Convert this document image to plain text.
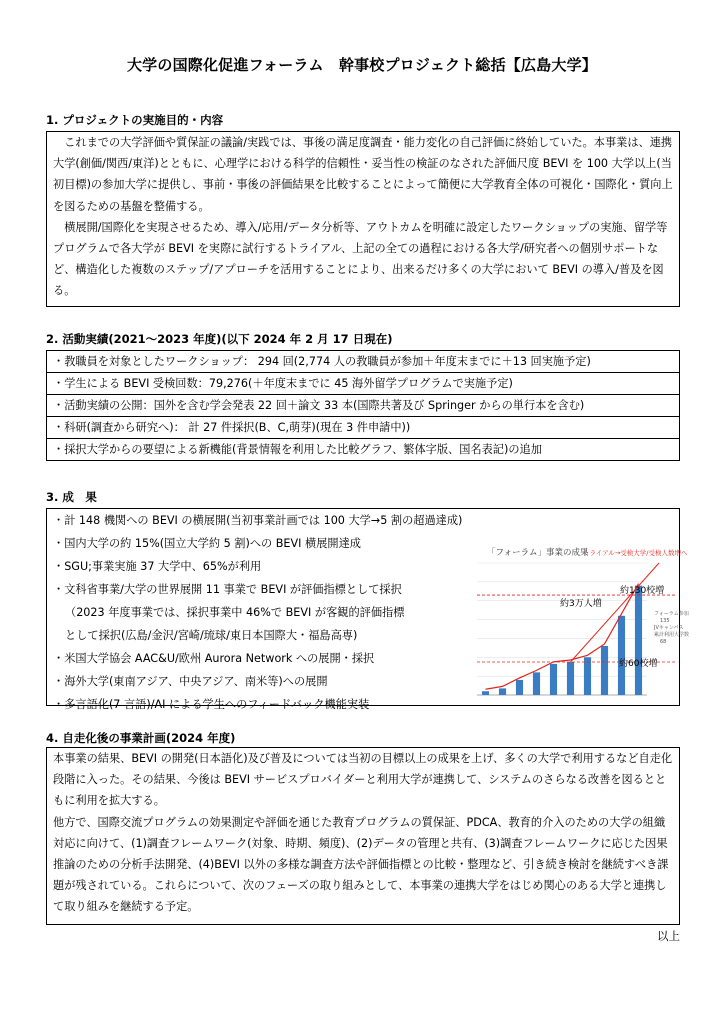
大学の国際化促進フォーラム　幹事校プロジェクト総括【広島大学】
1. プロジェクトの実施目的・内容

これまでの大学評価や質保証の議論/実践では、事後の満足度調査・能力変化の自己評価に終始していた。本事業は、連携大学(創価/関西/東洋)とともに、心理学における科学的信頼性・妥当性の検証のなされた評価尺度 BEVI を 100 大学以上(当初目標)の参加大学に提供し、事前・事後の評価結果を比較することによって簡便に大学教育全体の可視化・国際化・質向上を図るための基盤を整備する。

横展開/国際化を実現させるため、導入/応用/データ分析等、アウトカムを明確に設定したワークショップの実施、留学等プログラムで各大学が BEVI を実際に試行するトライアル、上記の全ての過程における各大学/研究者への個別サポートなど、構造化した複数のステップ/アプローチを活用することにより、出来るだけ多くの大学において BEVI の導入/普及を図る。

2. 活動実績(2021～2023 年度)(以下 2024 年 2 月 17 日現在)
・教職員を対象としたワークショップ： 294 回(2,774 人の教職員が参加＋年度末までに＋13 回実施予定)
・学生による BEVI 受検回数：79,276(＋年度末までに 45 海外留学プログラムで実施予定)
・活動実績の公開：国外を含む学会発表 22 回＋論文 33 本(国際共著及び Springer からの単行本を含む)
・科研(調査から研究へ)： 計 27 件採択(B、C,萌芽)(現在 3 件申請中))
・採択大学からの要望による新機能(背景情報を利用した比較グラフ、繁体字版、国名表記)の追加
3. 成　果
・計 148 機関への BEVI の横展開(当初事業計画では 100 大学→5 割の超過達成)
・国内大学の約 15%(国立大学約 5 割)への BEVI 横展開達成
・SGU;事業実施 37 大学中、65%が利用
・文科省事業/大学の世界展開 11 事業で BEVI が評価指標として採択
（2023 年度事業では、採択事業中 46%で BEVI が客観的評価指標
として採択(広島/金沢/宮崎/琉球/東日本国際大・福島高専)
・米国大学協会 AAC&U/欧州 Aurora Network への展開・採択
・海外大学(東南アジア、中央アジア、南米等)への展開
・多言語化(7 言語)/AI による学生へのフィードバック機能実装
「フォーラム」事業の成果
トライアル→受検大学/受検人数増へ
約3万人増
約130校増
約60校増
フォーラム参加
135
JVキャンパス
累計利用大学数
68
4. 自走化後の事業計画(2024 年度)

本事業の結果、BEVI の開発(日本語化)及び普及については当初の目標以上の成果を上げ、多くの大学で利用するなど自走化段階に入った。その結果、今後は BEVI サービスプロバイダーと利用大学が連携して、システムのさらなる改善を図るとともに利用を拡大する。

他方で、国際交流プログラムの効果測定や評価を通じた教育プログラムの質保証、PDCA、教育的介入のための大学の組織対応に向けて、(1)調査フレームワーク(対象、時期、頻度)、(2)データの管理と共有、(3)調査フレームワークに応じた因果推論のための分析手法開発、(4)BEVI 以外の多様な調査方法や評価指標との比較・整理など、引き続き検討を継続すべき課題が残されている。これらについて、次のフェーズの取り組みとして、本事業の連携大学をはじめ関心のある大学と連携して取り組みを継続する予定。

以上
